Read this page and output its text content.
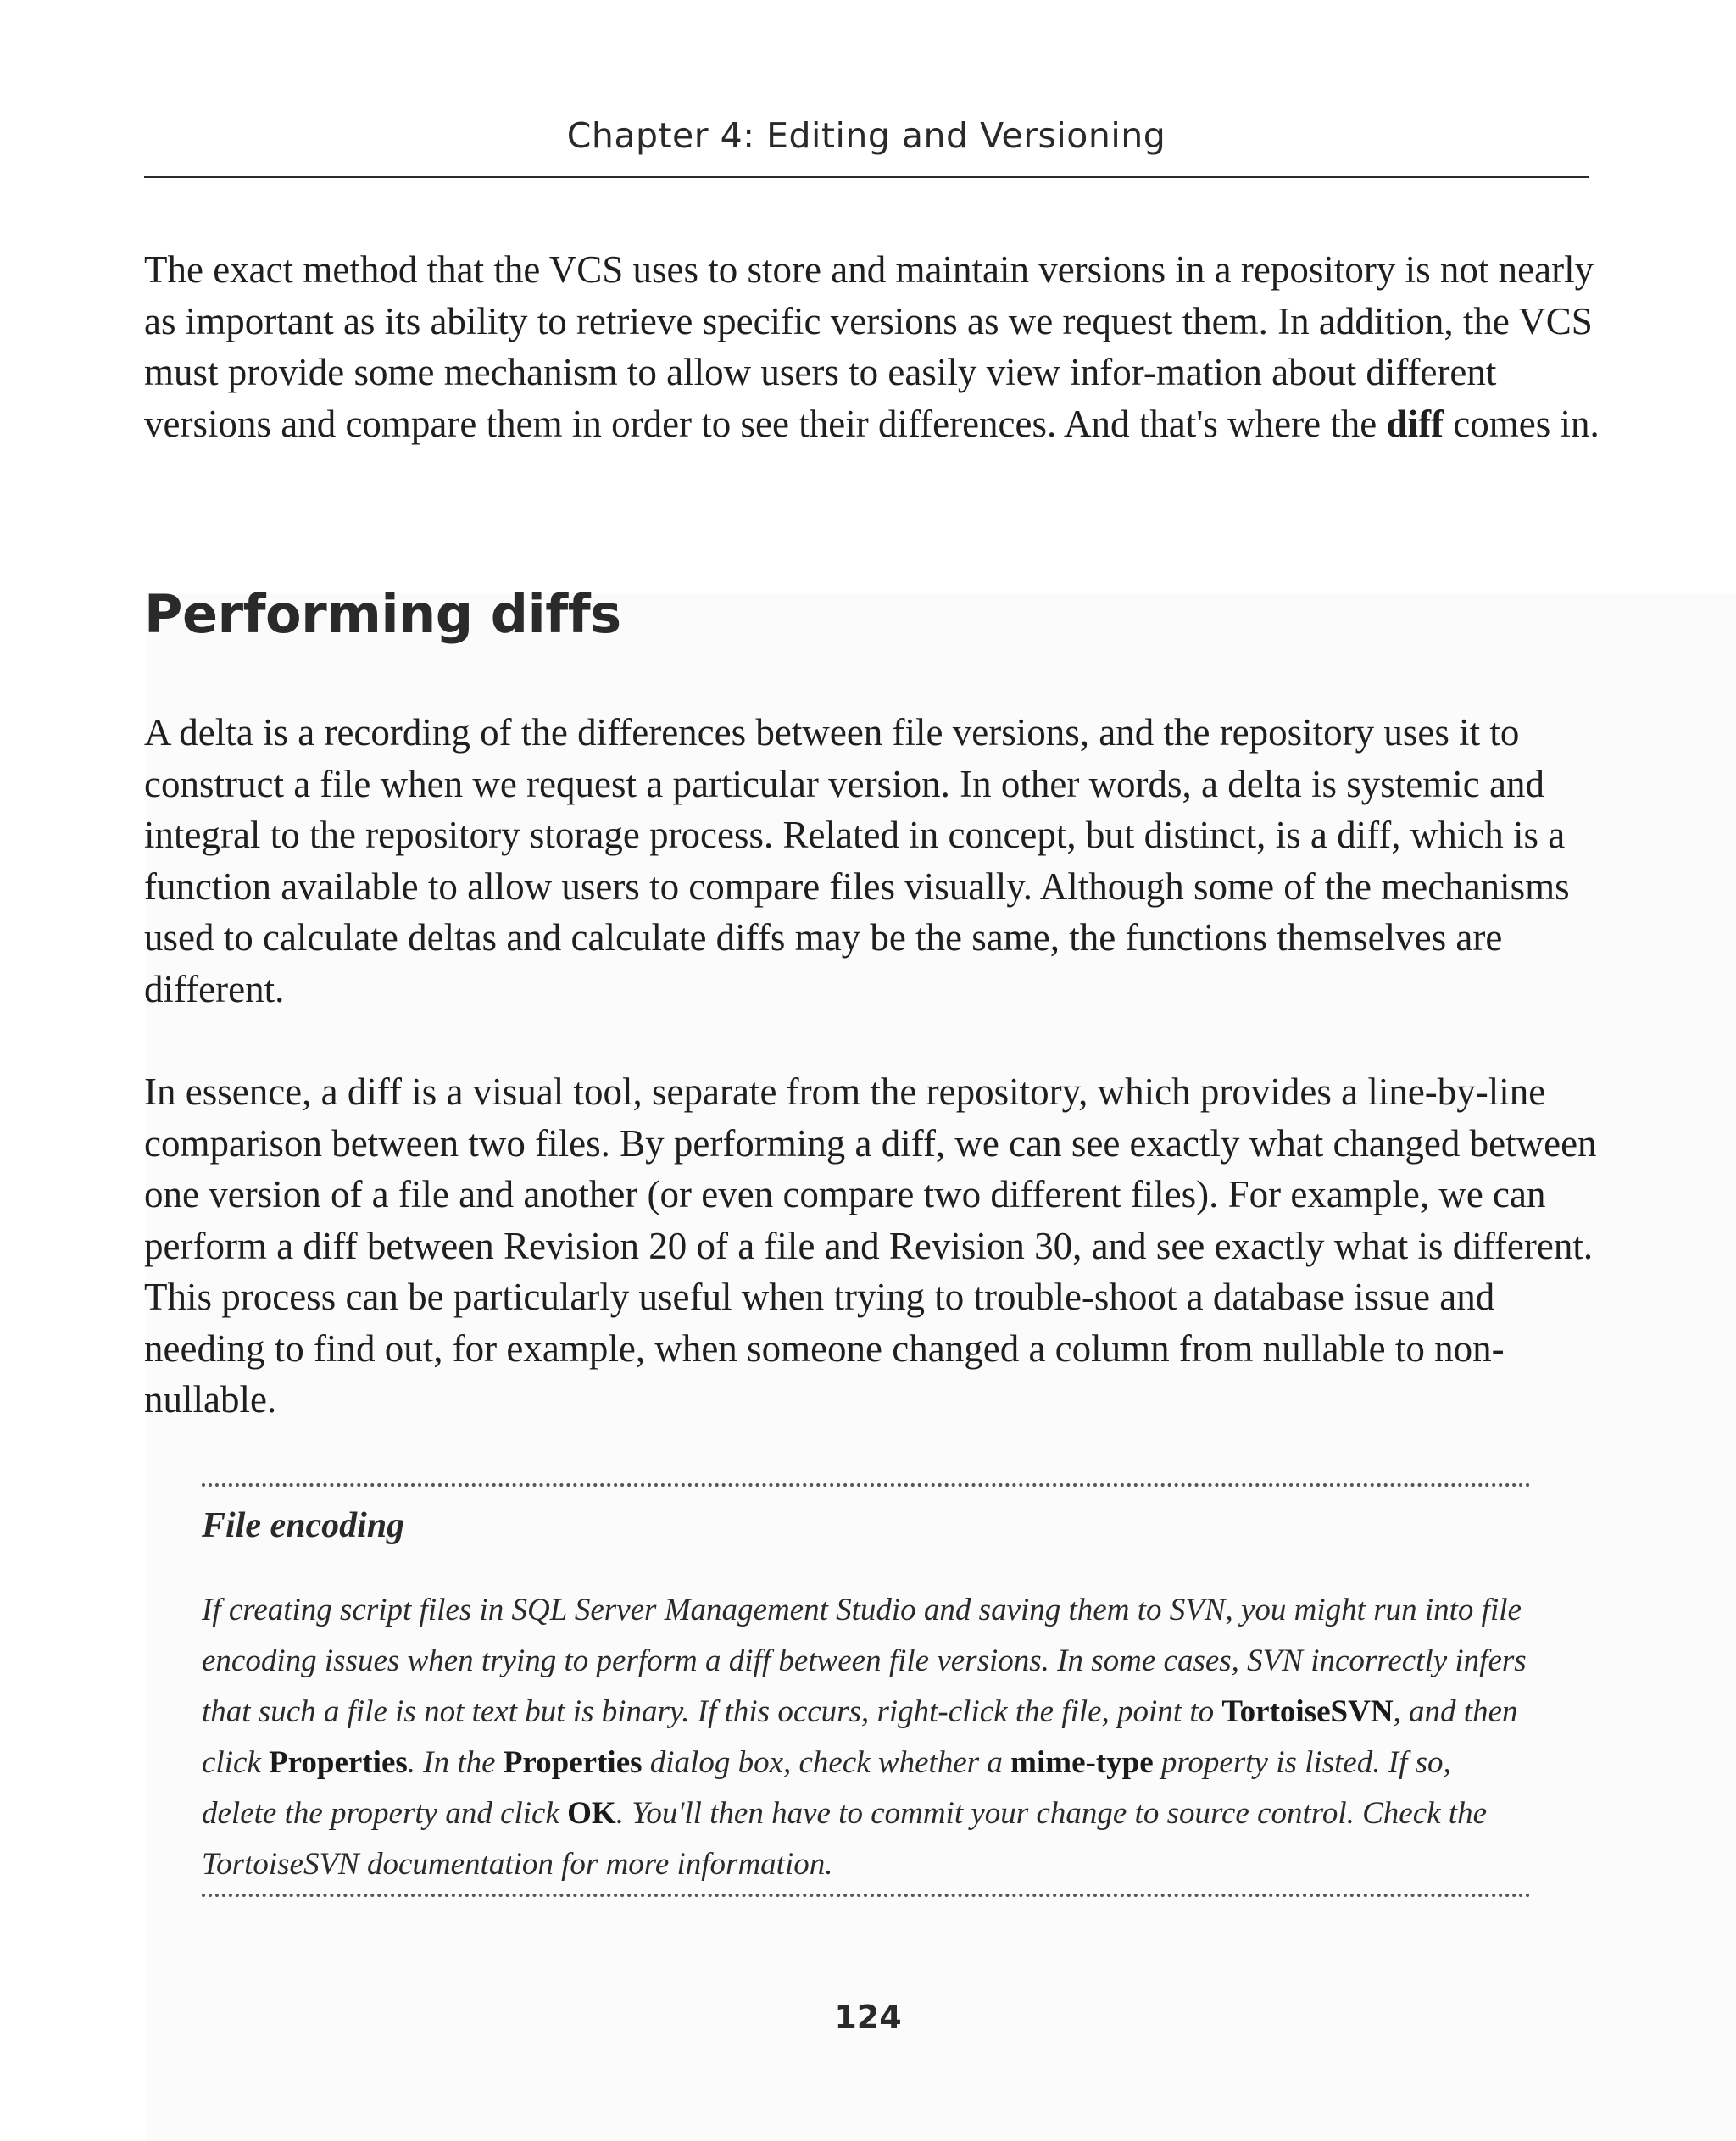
Chapter 4: Editing and Versioning

The exact method that the VCS uses to store and maintain versions in a repository is not nearly as important as its ability to retrieve specific versions as we request them. In addition, the VCS must provide some mechanism to allow users to easily view infor-mation about different versions and compare them in order to see their differences. And that's where the diff comes in.

Performing diffs

A delta is a recording of the differences between file versions, and the repository uses it to construct a file when we request a particular version. In other words, a delta is systemic and integral to the repository storage process. Related in concept, but distinct, is a diff, which is a function available to allow users to compare files visually. Although some of the mechanisms used to calculate deltas and calculate diffs may be the same, the functions themselves are different.

In essence, a diff is a visual tool, separate from the repository, which provides a line-by-line comparison between two files. By performing a diff, we can see exactly what changed between one version of a file and another (or even compare two different files). For example, we can perform a diff between Revision 20 of a file and Revision 30, and see exactly what is different. This process can be particularly useful when trying to trouble-shoot a database issue and needing to find out, for example, when someone changed a column from nullable to non-nullable.

File encoding

If creating script files in SQL Server Management Studio and saving them to SVN, you might run into file encoding issues when trying to perform a diff between file versions. In some cases, SVN incorrectly infers that such a file is not text but is binary. If this occurs, right-click the file, point to TortoiseSVN, and then click Properties. In the Properties dialog box, check whether a mime-type property is listed. If so, delete the property and click OK. You'll then have to commit your change to source control. Check the TortoiseSVN documentation for more information.

124
